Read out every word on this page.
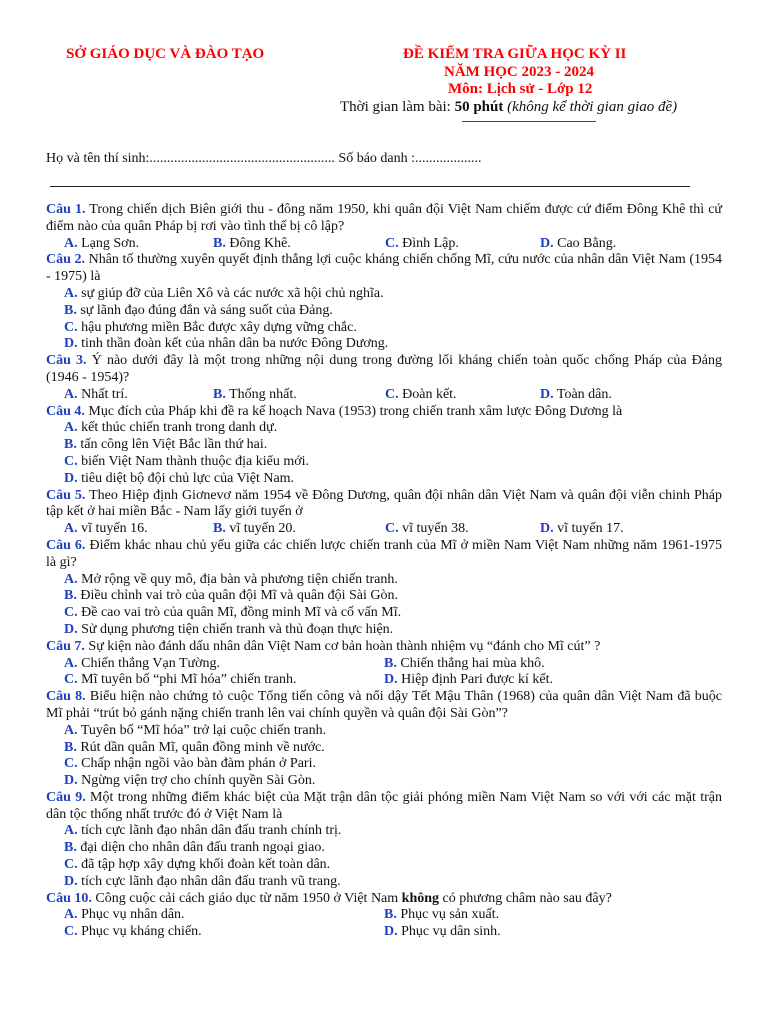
SỞ GIÁO DỤC VÀ ĐÀO TẠO	ĐỀ KIỂM TRA GIỮA HỌC KỲ II
NĂM HỌC 2023 - 2024
Môn: Lịch sử - Lớp 12
Thời gian làm bài: 50 phút (không kể thời gian giao đề)
Họ và tên thí sinh:..................................................... Số báo danh :...................
Câu 1. Trong chiến dịch Biên giới thu - đông năm 1950, khi quân đội Việt Nam chiếm được cứ điểm Đông Khê thì cứ điểm nào của quân Pháp bị rơi vào tình thế bị cô lập?
A. Lạng Sơn.	B. Đông Khê.	C. Đình Lập.	D. Cao Bằng.
Câu 2. Nhân tố thường xuyên quyết định thắng lợi cuộc kháng chiến chống Mĩ, cứu nước của nhân dân Việt Nam (1954 - 1975) là
A. sự giúp đỡ của Liên Xô và các nước xã hội chủ nghĩa.
B. sự lãnh đạo đúng đắn và sáng suốt của Đảng.
C. hậu phương miền Bắc được xây dựng vững chắc.
D. tinh thần đoàn kết của nhân dân ba nước Đông Dương.
Câu 3. Ý nào dưới đây là một trong những nội dung trong đường lối kháng chiến toàn quốc chống Pháp của Đảng (1946 - 1954)?
A. Nhất trí.	B. Thống nhất.	C. Đoàn kết.	D. Toàn dân.
Câu 4. Mục đích của Pháp khi đề ra kế hoạch Nava (1953) trong chiến tranh xâm lược Đông Dương là
A. kết thúc chiến tranh trong danh dự.
B. tấn công lên Việt Bắc lần thứ hai.
C. biến Việt Nam thành thuộc địa kiểu mới.
D. tiêu diệt bộ đội chủ lực của Việt Nam.
Câu 5. Theo Hiệp định Giơnevơ năm 1954 về Đông Dương, quân đội nhân dân Việt Nam và quân đội viễn chinh Pháp tập kết ở hai miền Bắc - Nam lấy giới tuyến ở
A. vĩ tuyến 16.	B. vĩ tuyến 20.	C. vĩ tuyến 38.	D. vĩ tuyến 17.
Câu 6. Điểm khác nhau chủ yếu giữa các chiến lược chiến tranh của Mĩ ở miền Nam Việt Nam những năm 1961-1975 là gì?
A. Mở rộng về quy mô, địa bàn và phương tiện chiến tranh.
B. Điều chỉnh vai trò của quân đội Mĩ và quân đội Sài Gòn.
C. Đề cao vai trò của quân Mĩ, đồng minh Mĩ và cố vấn Mĩ.
D. Sử dụng phương tiện chiến tranh và thủ đoạn thực hiện.
Câu 7. Sự kiện nào đánh dấu nhân dân Việt Nam cơ bản hoàn thành nhiệm vụ “đánh cho Mĩ cút” ?
A. Chiến thắng Vạn Tường.	B. Chiến thắng hai mùa khô.
C. Mĩ tuyên bố “phi Mĩ hóa” chiến tranh.	D. Hiệp định Pari được kí kết.
Câu 8. Biểu hiện nào chứng tỏ cuộc Tổng tiến công và nổi dậy Tết Mậu Thân (1968) của quân dân Việt Nam đã buộc Mĩ phải “trút bỏ gánh nặng chiến tranh lên vai chính quyền và quân đội Sài Gòn”?
A. Tuyên bố “Mĩ hóa” trở lại cuộc chiến tranh.
B. Rút dần quân Mĩ, quân đồng minh về nước.
C. Chấp nhận ngồi vào bàn đàm phán ở Pari.
D. Ngừng viện trợ cho chính quyền Sài Gòn.
Câu 9. Một trong những điểm khác biệt của Mặt trận dân tộc giải phóng miền Nam Việt Nam so với với các mặt trận dân tộc thống nhất trước đó ở Việt Nam là
A. tích cực lãnh đạo nhân dân đấu tranh chính trị.
B. đại diện cho nhân dân đấu tranh ngoại giao.
C. đã tập hợp xây dựng khối đoàn kết toàn dân.
D. tích cực lãnh đạo nhân dân đấu tranh vũ trang.
Câu 10. Công cuộc cải cách giáo dục từ năm 1950 ở Việt Nam không có phương châm nào sau đây?
A. Phục vụ nhân dân.	B. Phục vụ sản xuất.
C. Phục vụ kháng chiến.	D. Phục vụ dân sinh.
